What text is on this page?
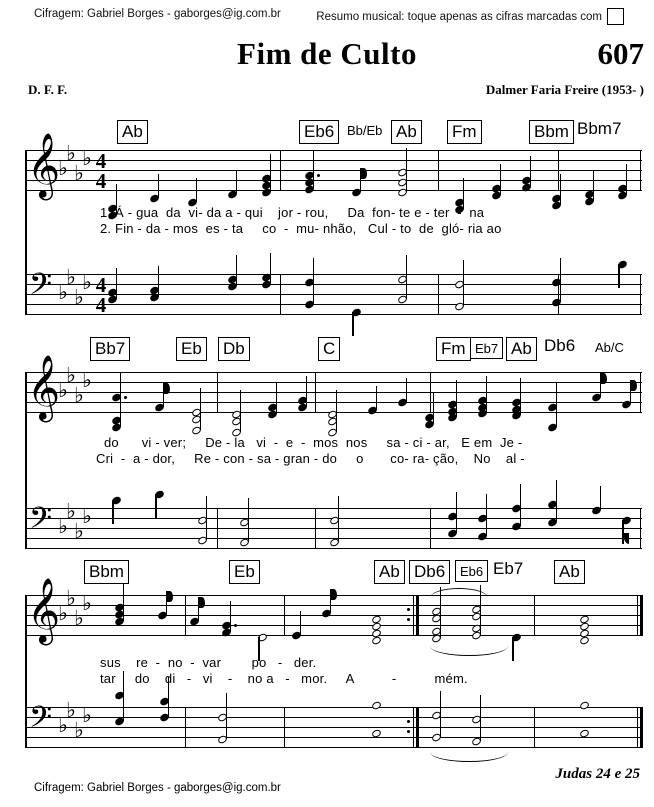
Cifragem: Gabriel Borges - gaborges@ig.com.br	Resumo musical: toque apenas as cifras marcadas com
Fim de Culto	607
D. F. F.	Dalmer Faria Freire (1953- )
Ab	Eb6 Bb/Eb Ab Fm	Bbm Bbm7
𝄞
♭
♭
♭
♭ 4
4
𝄢 ♭
♭
♭
♭ 4
4
1. Á - gua  da  vi- da a - qui    jor - rou,     Da  fon- te e - ter  -  na
2. Fin - da - mos  es - ta     co  -  mu- nhão,   Cul - to  de  gló- ria ao
Bb7	Eb Db	C	Fm Eb7 Ab Db6 Ab/C
𝄞
♭
♭
♭
♭
𝄢 ♭
♭
♭
♭
do      vi - ver;     De - la   vi  -  e  -  mos  nos     sa - ci - ar,   E em  Je -
Cri  -  a - dor,     Re - con - sa - gran - do     o       co- ra- ção,    No    al -
Bbm	Eb	Ab Db6	Eb6 Eb7 Ab
𝄞
♭
♭
♭
♭
𝄢 ♭
♭
♭
♭
sus    re  -  no  -  var        po   -   der.
tar     do    di   -   vi    -    no a   -   mor.     A          -          mém.
Cifragem: Gabriel Borges - gaborges@ig.com.br
Judas 24 e 25
